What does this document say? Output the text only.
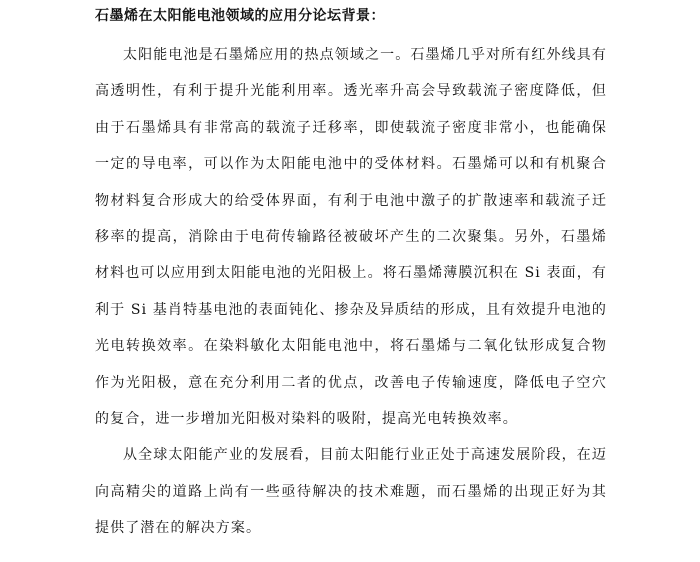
石墨烯在太阳能电池领域的应用分论坛背景：

太阳能电池是石墨烯应用的热点领域之一。石墨烯几乎对所有红外线具有高透明性，有利于提升光能利用率。透光率升高会导致载流子密度降低，但由于石墨烯具有非常高的载流子迁移率，即使载流子密度非常小，也能确保一定的导电率，可以作为太阳能电池中的受体材料。石墨烯可以和有机聚合物材料复合形成大的给受体界面，有利于电池中激子的扩散速率和载流子迁移率的提高，消除由于电荷传输路径被破坏产生的二次聚集。另外，石墨烯材料也可以应用到太阳能电池的光阳极上。将石墨烯薄膜沉积在 Si 表面，有利于 Si 基肖特基电池的表面钝化、掺杂及异质结的形成，且有效提升电池的光电转换效率。在染料敏化太阳能电池中，将石墨烯与二氧化钛形成复合物作为光阳极，意在充分利用二者的优点，改善电子传输速度，降低电子空穴的复合，进一步增加光阳极对染料的吸附，提高光电转换效率。

从全球太阳能产业的发展看，目前太阳能行业正处于高速发展阶段，在迈向高精尖的道路上尚有一些亟待解决的技术难题，而石墨烯的出现正好为其提供了潜在的解决方案。
